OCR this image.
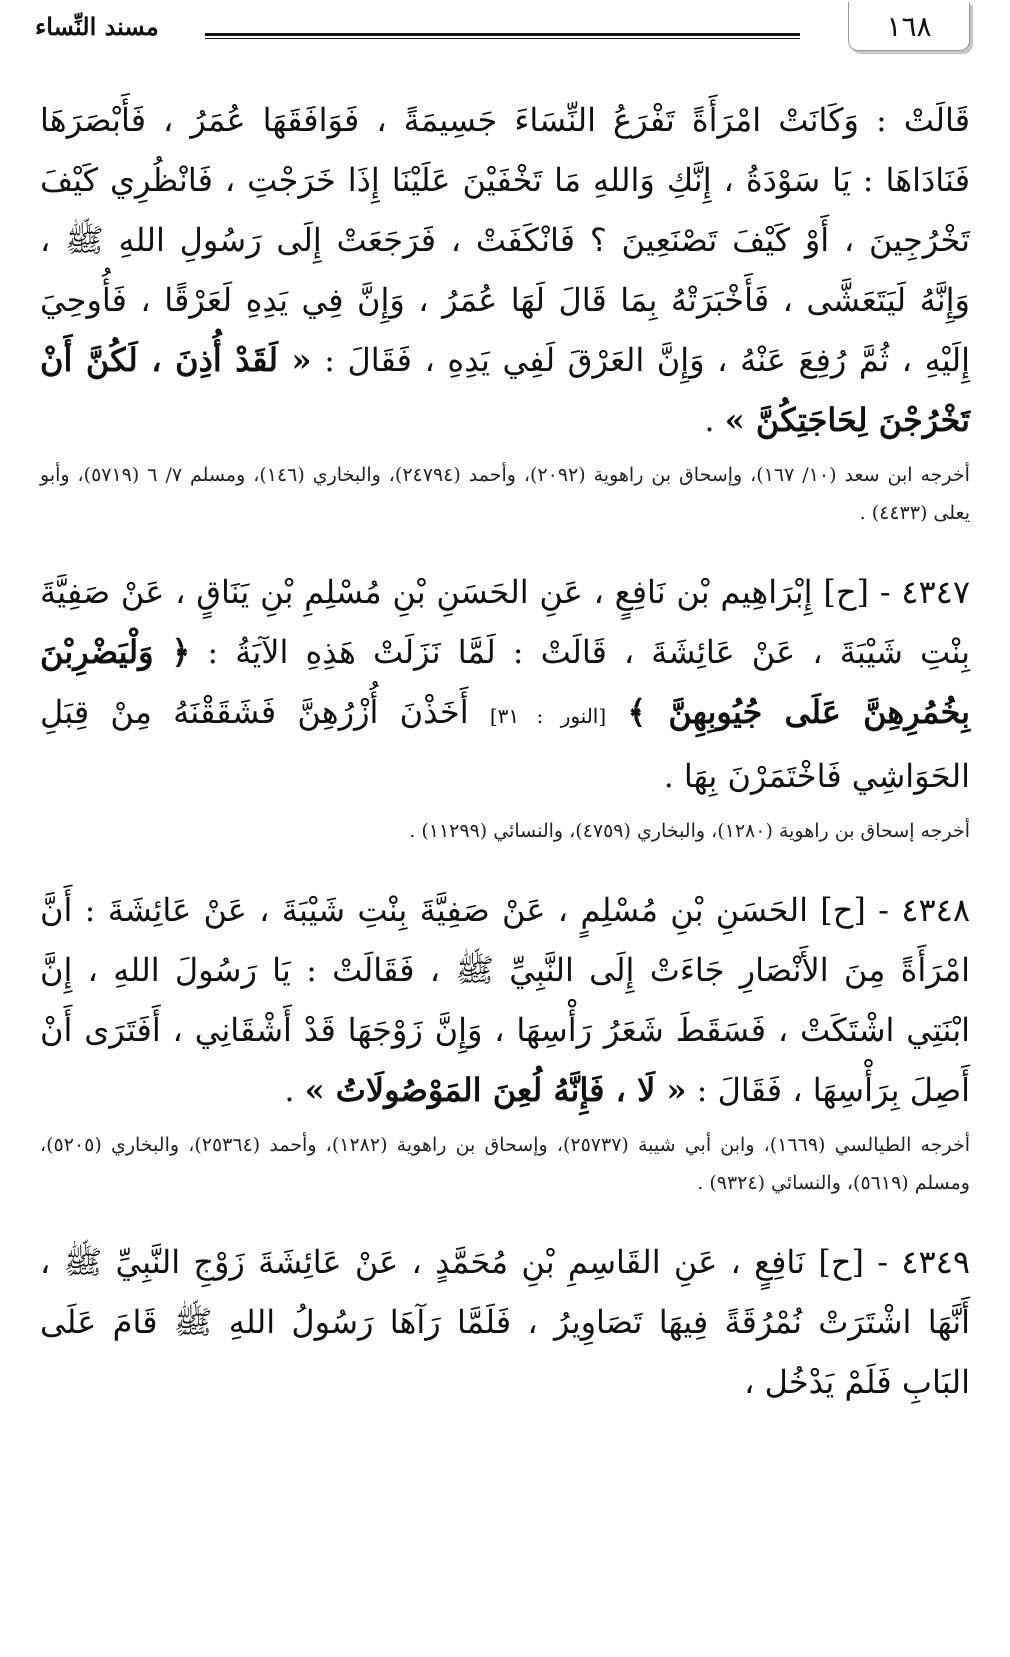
١٦٨
مسند النِّساء

قَالَتْ : وَكَانَتْ امْرَأَةً تَفْرَعُ النِّسَاءَ جَسِيمَةً ، فَوَافَقَهَا عُمَرُ ، فَأَبْصَرَهَا فَنَادَاهَا : يَا سَوْدَةُ ، إِنَّكِ وَاللهِ مَا تَخْفَيْنَ عَلَيْنَا إِذَا خَرَجْتِ ، فَانْظُرِي كَيْفَ تَخْرُجِينَ ، أَوْ كَيْفَ تَصْنَعِينَ ؟ فَانْكَفَتْ ، فَرَجَعَتْ إِلَى رَسُولِ اللهِ ﷺ ، وَإِنَّهُ لَيَتَعَشَّى ، فَأَخْبَرَتْهُ بِمَا قَالَ لَهَا عُمَرُ ، وَإِنَّ فِي يَدِهِ لَعَرْقًا ، فَأُوحِيَ إِلَيْهِ ، ثُمَّ رُفِعَ عَنْهُ ، وَإِنَّ العَرْقَ لَفِي يَدِهِ ، فَقَالَ : « لَقَدْ أُذِنَ ، لَكُنَّ أَنْ تَخْرُجْنَ لِحَاجَتِكُنَّ » .

أخرجه ابن سعد (١٠/ ١٦٧)، وإسحاق بن راهوية (٢٠٩٢)، وأحمد (٢٤٧٩٤)، والبخاري (١٤٦)، ومسلم ٧/ ٦ (٥٧١٩)، وأبو يعلى (٤٤٣٣) .

٤٣٤٧ - [ح] إِبْرَاهِيم بْن نَافِعٍ ، عَنِ الحَسَنِ بْنِ مُسْلِمِ بْنِ يَنَاقٍ ، عَنْ صَفِيَّةَ بِنْتِ شَيْبَةَ ، عَنْ عَائِشَةَ ، قَالَتْ : لَمَّا نَزَلَتْ هَذِهِ الآيَةُ : ﴿ وَلْيَضْرِبْنَ بِخُمُرِهِنَّ عَلَى جُيُوبِهِنَّ ﴾ [النور : ٣١] أَخَذْنَ أُزْرُهِنَّ فَشَقَقْنَهُ مِنْ قِبَلِ الحَوَاشِي فَاخْتَمَرْنَ بِهَا .

أخرجه إسحاق بن راهوية (١٢٨٠)، والبخاري (٤٧٥٩)، والنسائي (١١٢٩٩) .

٤٣٤٨ - [ح] الحَسَنِ بْنِ مُسْلِمٍ ، عَنْ صَفِيَّةَ بِنْتِ شَيْبَةَ ، عَنْ عَائِشَةَ : أَنَّ امْرَأَةً مِنَ الأَنْصَارِ جَاءَتْ إِلَى النَّبِيِّ ﷺ ، فَقَالَتْ : يَا رَسُولَ اللهِ ، إِنَّ ابْنَتِي اشْتَكَتْ ، فَسَقَطَ شَعَرُ رَأْسِهَا ، وَإِنَّ زَوْجَهَا قَدْ أَشْقَانِي ، أَفَتَرَى أَنْ أَصِلَ بِرَأْسِهَا ، فَقَالَ : « لَا ، فَإِنَّهُ لُعِنَ المَوْصُولَاتُ » .

أخرجه الطيالسي (١٦٦٩)، وابن أبي شيبة (٢٥٧٣٧)، وإسحاق بن راهوية (١٢٨٢)، وأحمد (٢٥٣٦٤)، والبخاري (٥٢٠٥)، ومسلم (٥٦١٩)، والنسائي (٩٣٢٤) .

٤٣٤٩ - [ح] نَافِعٍ ، عَنِ القَاسِمِ بْنِ مُحَمَّدٍ ، عَنْ عَائِشَةَ زَوْجِ النَّبِيِّ ﷺ ، أَنَّهَا اشْتَرَتْ نُمْرُقَةً فِيهَا تَصَاوِيرُ ، فَلَمَّا رَآهَا رَسُولُ اللهِ ﷺ قَامَ عَلَى البَابِ فَلَمْ يَدْخُل ،
